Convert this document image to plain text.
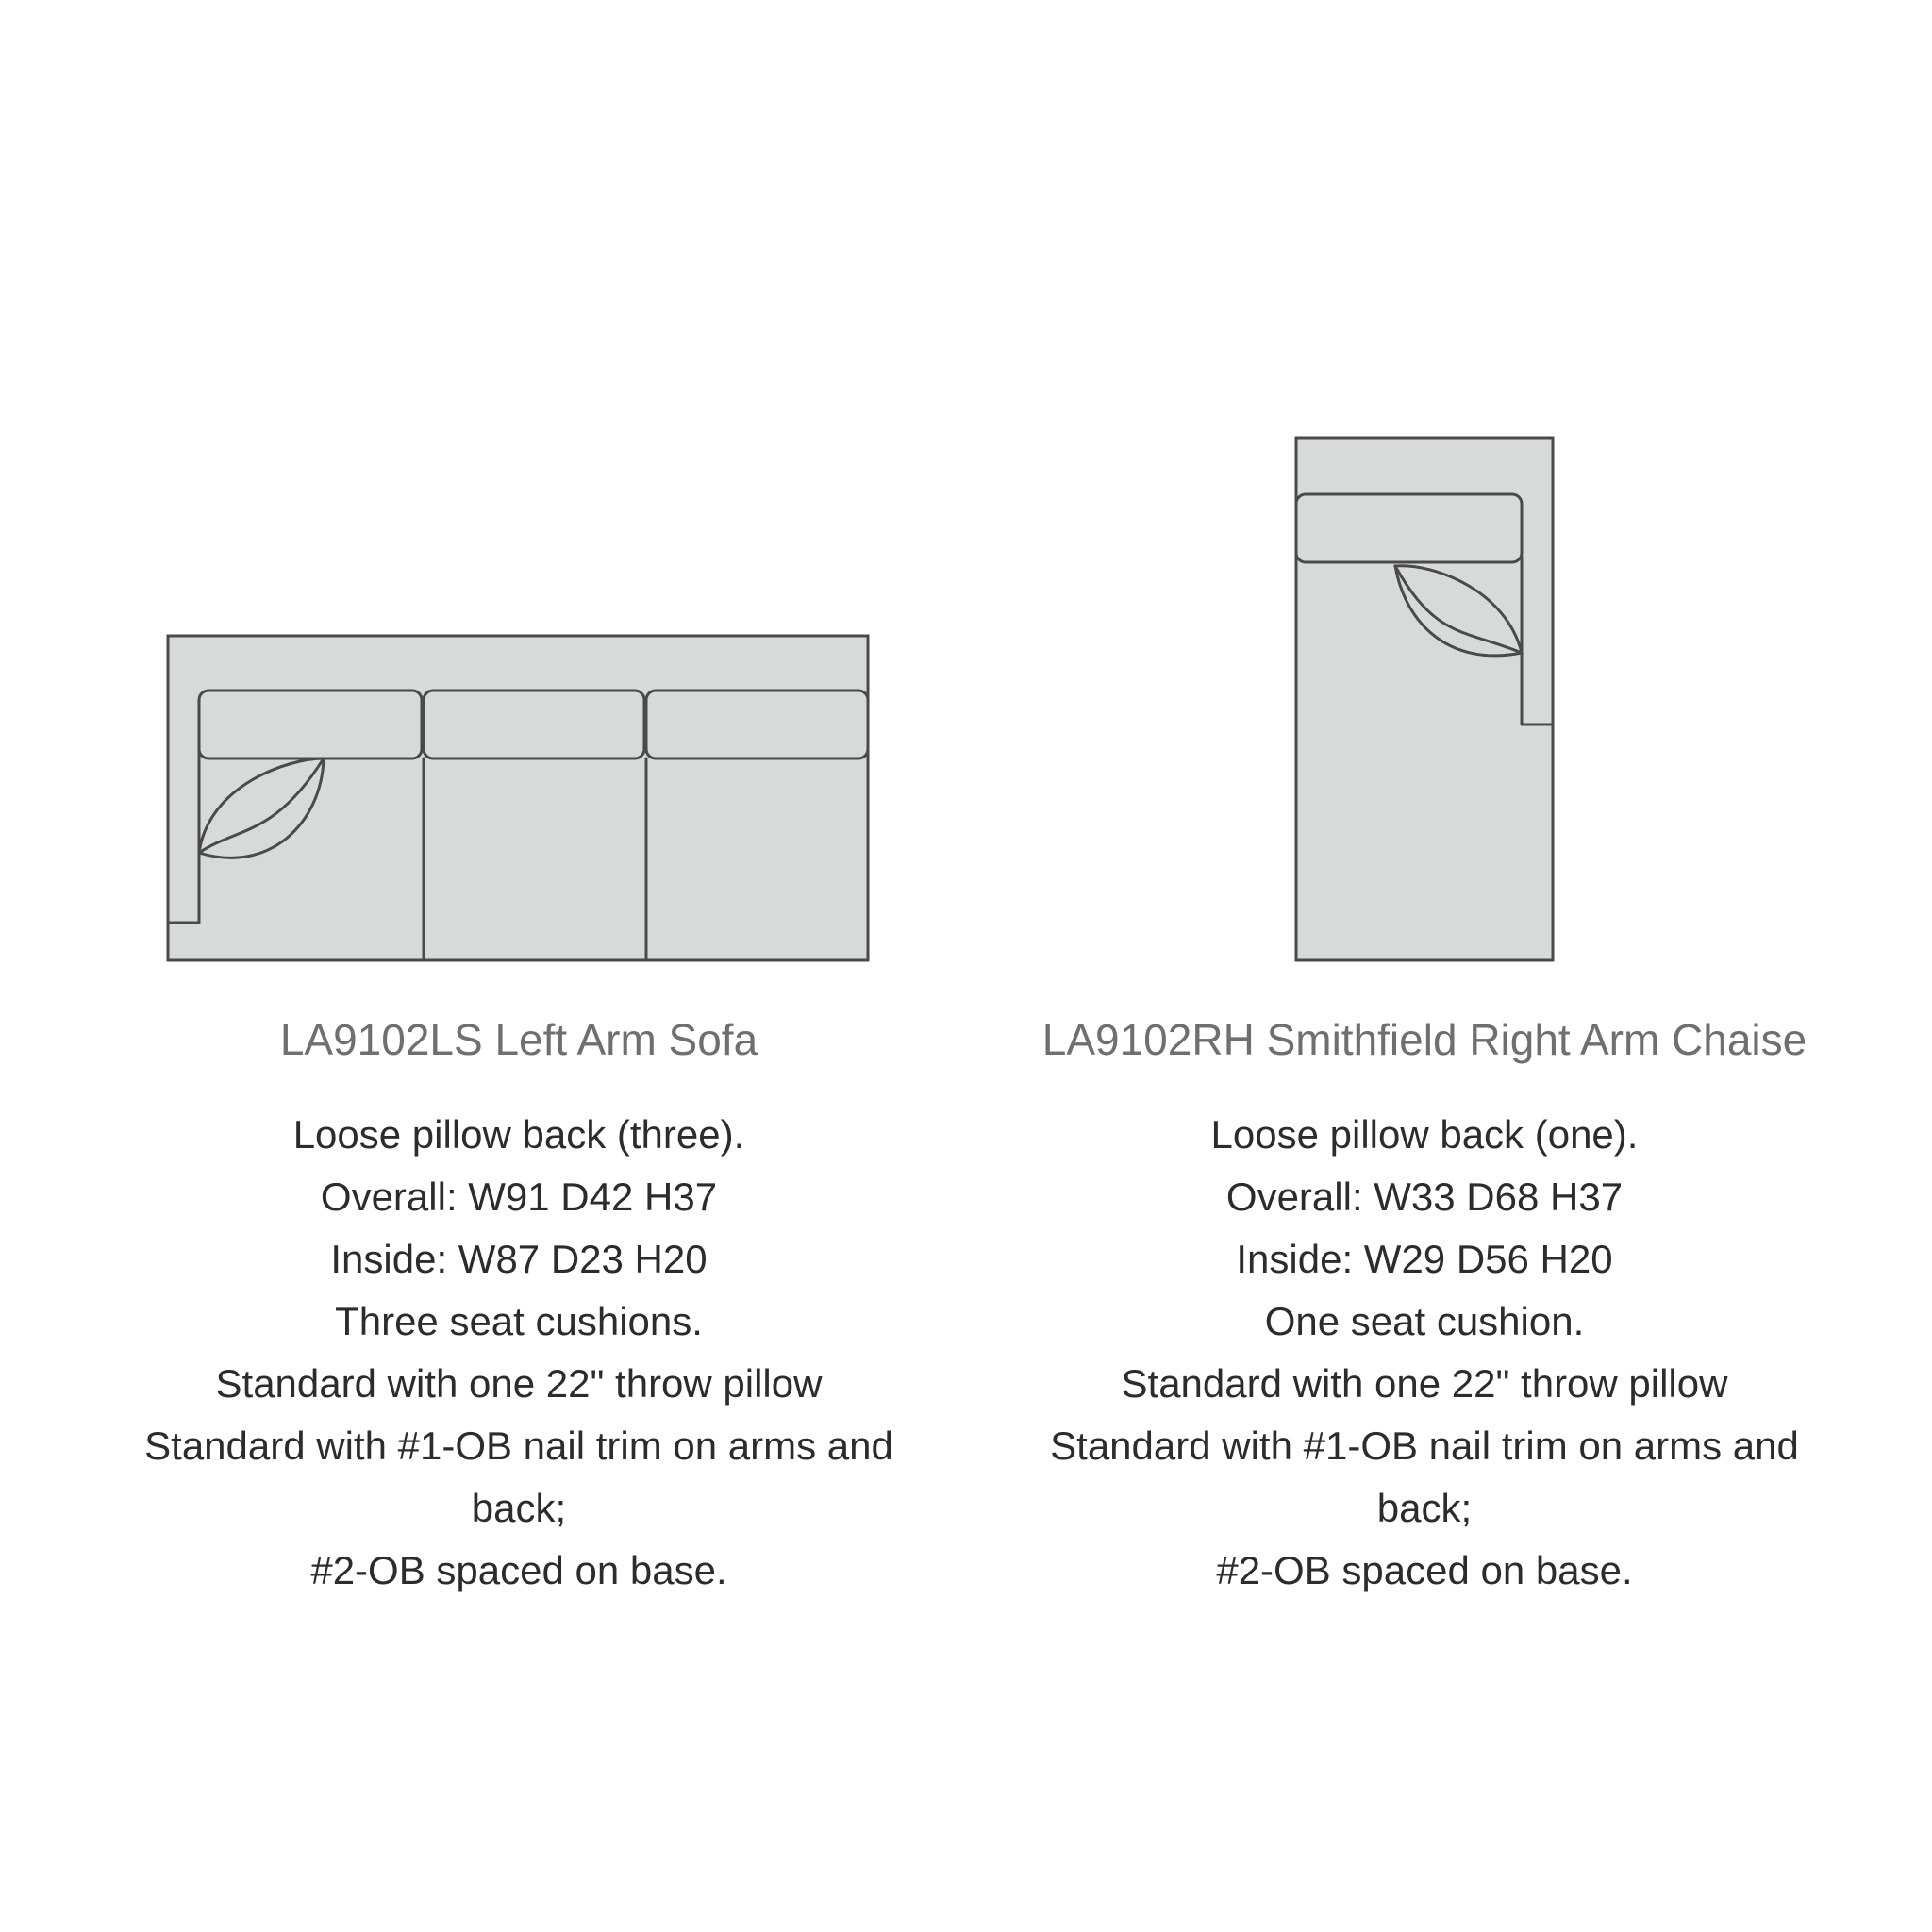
LA9102LS Left Arm Sofa
Loose pillow back (three).
Overall: W91 D42 H37
Inside: W87 D23 H20
Three seat cushions.
Standard with one 22" throw pillow
Standard with #1-OB nail trim on arms and
back;
#2-OB spaced on base.
LA9102RH Smithfield Right Arm Chaise
Loose pillow back (one).
Overall: W33 D68 H37
Inside: W29 D56 H20
One seat cushion.
Standard with one 22" throw pillow
Standard with #1-OB nail trim on arms and
back;
#2-OB spaced on base.
